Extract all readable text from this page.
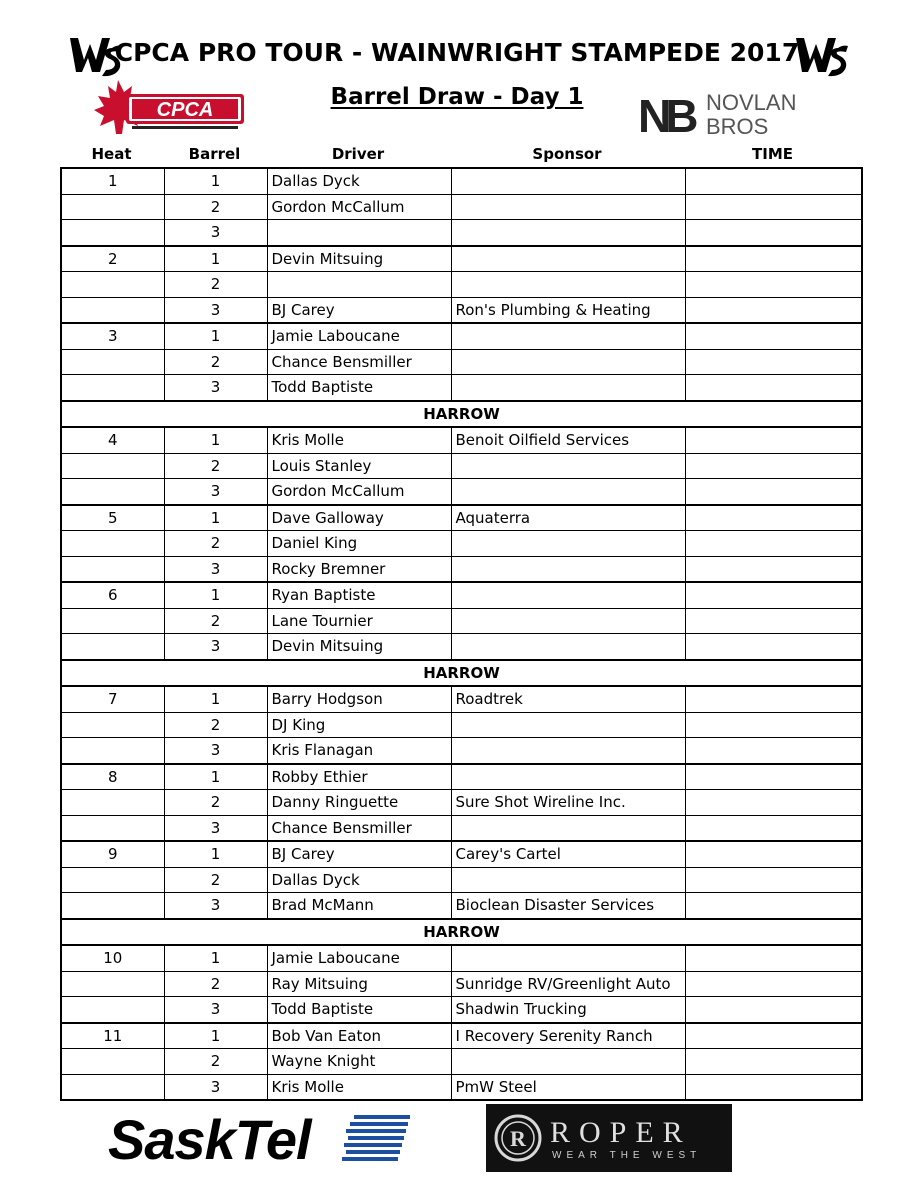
WS	WS
CPCA PRO TOUR - WAINWRIGHT STAMPEDE 2017
Barrel Draw - Day 1
CPCA	NB NOVLAN
BROS
Heat	Barrel	Driver	Sponsor	TIME
1	1	Dallas Dyck		
	2	Gordon McCallum		
	3			
2	1	Devin Mitsuing		
	2			
	3	BJ Carey	Ron's Plumbing & Heating	
3	1	Jamie Laboucane		
	2	Chance Bensmiller		
	3	Todd Baptiste		
HARROW				
4	1	Kris Molle	Benoit Oilfield Services	
	2	Louis Stanley		
	3	Gordon McCallum		
5	1	Dave Galloway	Aquaterra	
	2	Daniel King		
	3	Rocky Bremner		
6	1	Ryan Baptiste		
	2	Lane Tournier		
	3	Devin Mitsuing		
HARROW				
7	1	Barry Hodgson	Roadtrek	
	2	DJ King		
	3	Kris Flanagan		
8	1	Robby Ethier		
	2	Danny Ringuette	Sure Shot Wireline Inc.	
	3	Chance Bensmiller		
9	1	BJ Carey	Carey's Cartel	
	2	Dallas Dyck		
	3	Brad McMann	Bioclean Disaster Services	
HARROW				
10	1	Jamie Laboucane		
	2	Ray Mitsuing	Sunridge RV/Greenlight Auto	
	3	Todd Baptiste	Shadwin Trucking	
11	1	Bob Van Eaton	I Recovery Serenity Ranch	
	2	Wayne Knight		
	3	Kris Molle	PmW Steel	
SaskTel	R ROPER
WEAR THE WEST
